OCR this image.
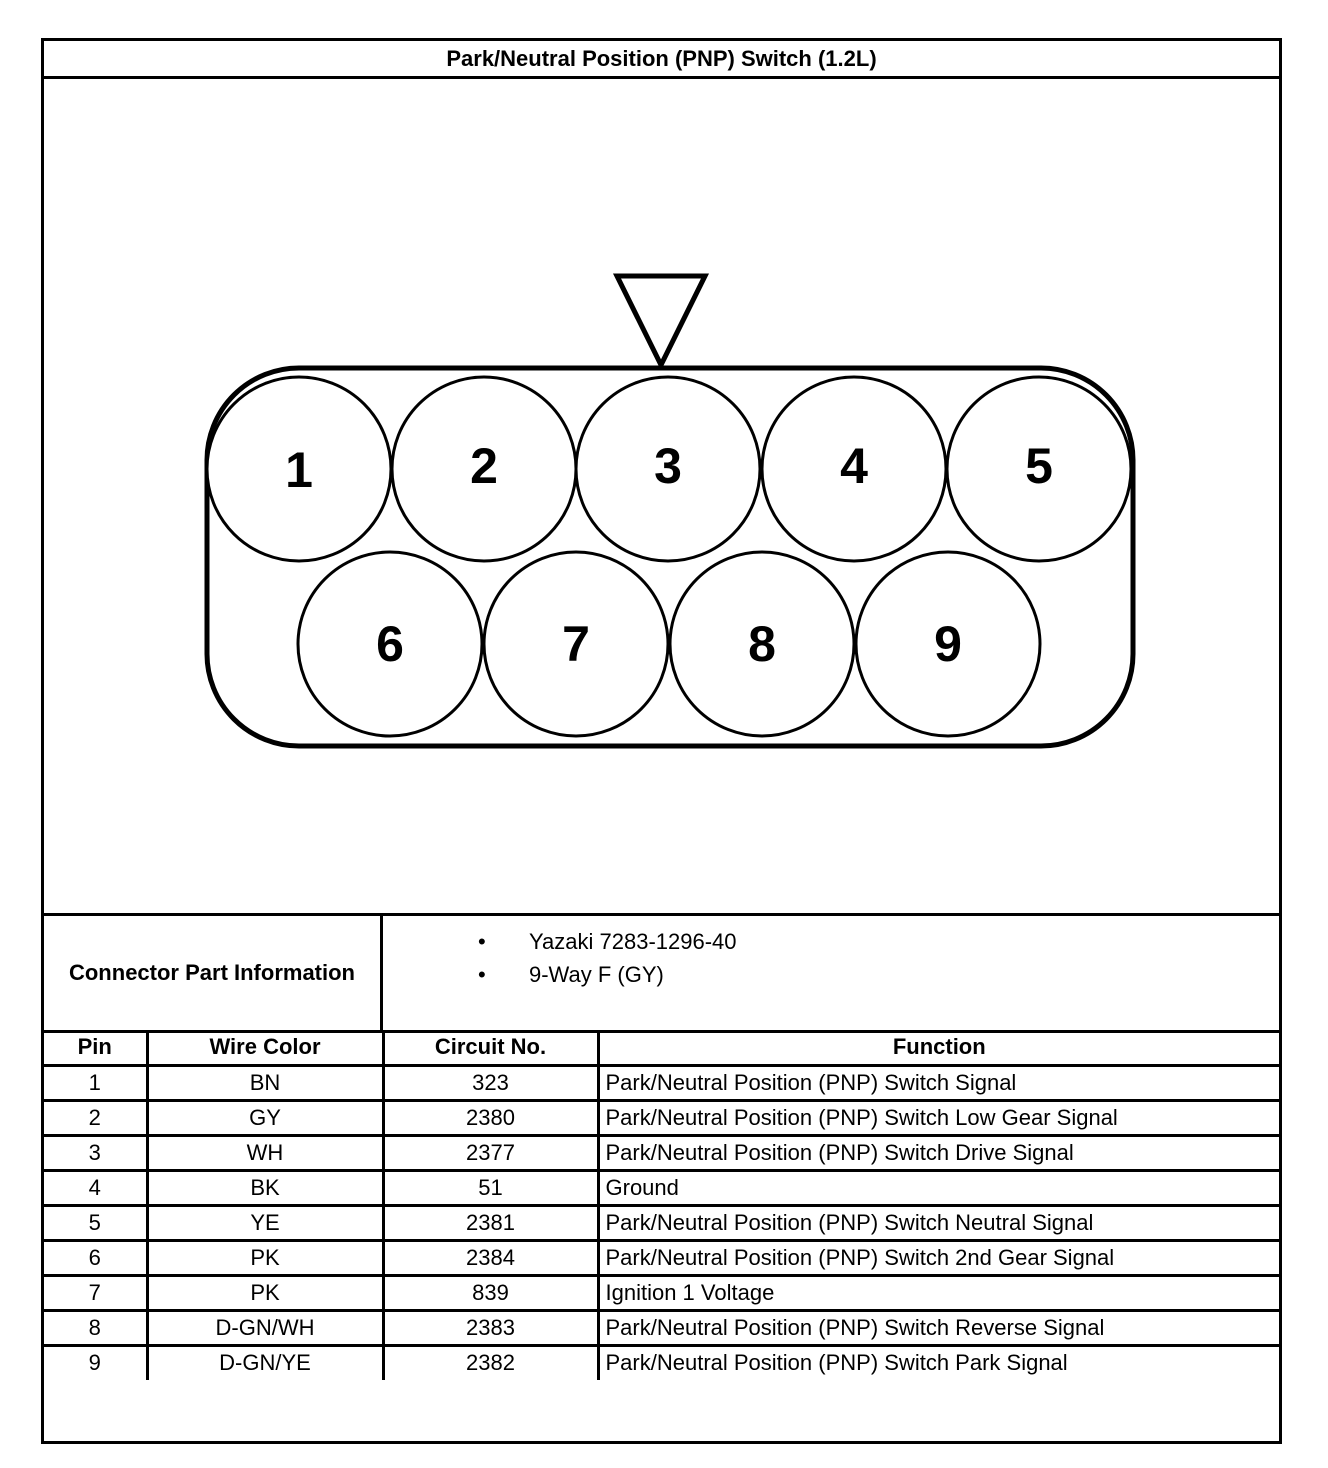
Park/Neutral Position (PNP) Switch (1.2L)
1	2	3	4	5
6	7	8	9
Connector Part Information
• Yazaki 7283-1296-40
• 9-Way F (GY)
Pin	Wire Color	Circuit No.	Function
1	BN	323	Park/Neutral Position (PNP) Switch Signal
2	GY	2380	Park/Neutral Position (PNP) Switch Low Gear Signal
3	WH	2377	Park/Neutral Position (PNP) Switch Drive Signal
4	BK	51	Ground
5	YE	2381	Park/Neutral Position (PNP) Switch Neutral Signal
6	PK	2384	Park/Neutral Position (PNP) Switch 2nd Gear Signal
7	PK	839	Ignition 1 Voltage
8	D-GN/WH	2383	Park/Neutral Position (PNP) Switch Reverse Signal
9	D-GN/YE	2382	Park/Neutral Position (PNP) Switch Park Signal
